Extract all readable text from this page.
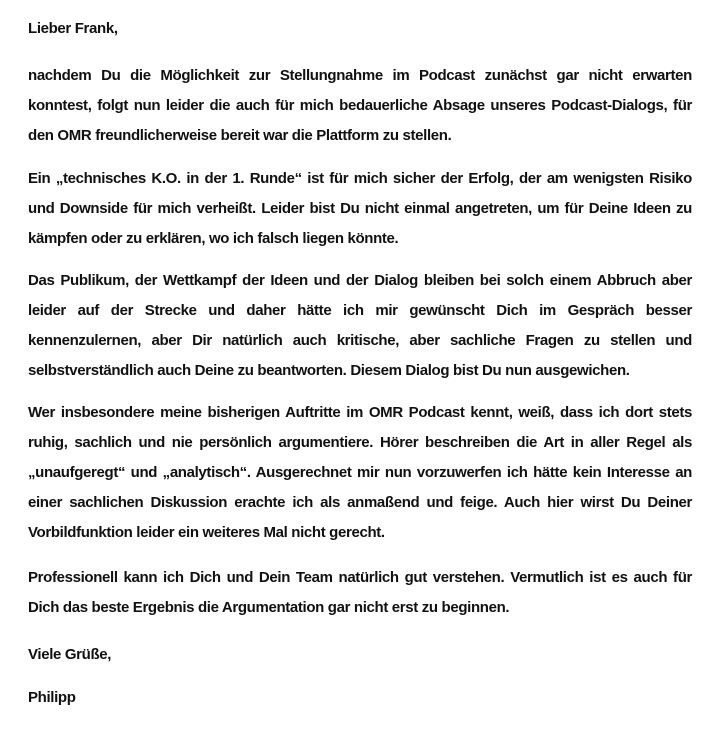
Lieber Frank,

nachdem Du die Möglichkeit zur Stellungnahme im Podcast zunächst gar nicht erwarten konntest, folgt nun leider die auch für mich bedauerliche Absage unseres Podcast-Dialogs, für den OMR freundlicherweise bereit war die Plattform zu stellen.

Ein „technisches K.O. in der 1. Runde“ ist für mich sicher der Erfolg, der am wenigsten Risiko und Downside für mich verheißt. Leider bist Du nicht einmal angetreten, um für Deine Ideen zu kämpfen oder zu erklären, wo ich falsch liegen könnte.

Das Publikum, der Wettkampf der Ideen und der Dialog bleiben bei solch einem Abbruch aber leider auf der Strecke und daher hätte ich mir gewünscht Dich im Gespräch besser kennenzulernen, aber Dir natürlich auch kritische, aber sachliche Fragen zu stellen und selbstverständlich auch Deine zu beantworten. Diesem Dialog bist Du nun ausgewichen.

Wer insbesondere meine bisherigen Auftritte im OMR Podcast kennt, weiß, dass ich dort stets ruhig, sachlich und nie persönlich argumentiere. Hörer beschreiben die Art in aller Regel als „unaufgeregt“ und „analytisch“. Ausgerechnet mir nun vorzuwerfen ich hätte kein Interesse an einer sachlichen Diskussion erachte ich als anmaßend und feige. Auch hier wirst Du Deiner Vorbildfunktion leider ein weiteres Mal nicht gerecht.

Professionell kann ich Dich und Dein Team natürlich gut verstehen. Vermutlich ist es auch für Dich das beste Ergebnis die Argumentation gar nicht erst zu beginnen.

Viele Grüße,

Philipp
